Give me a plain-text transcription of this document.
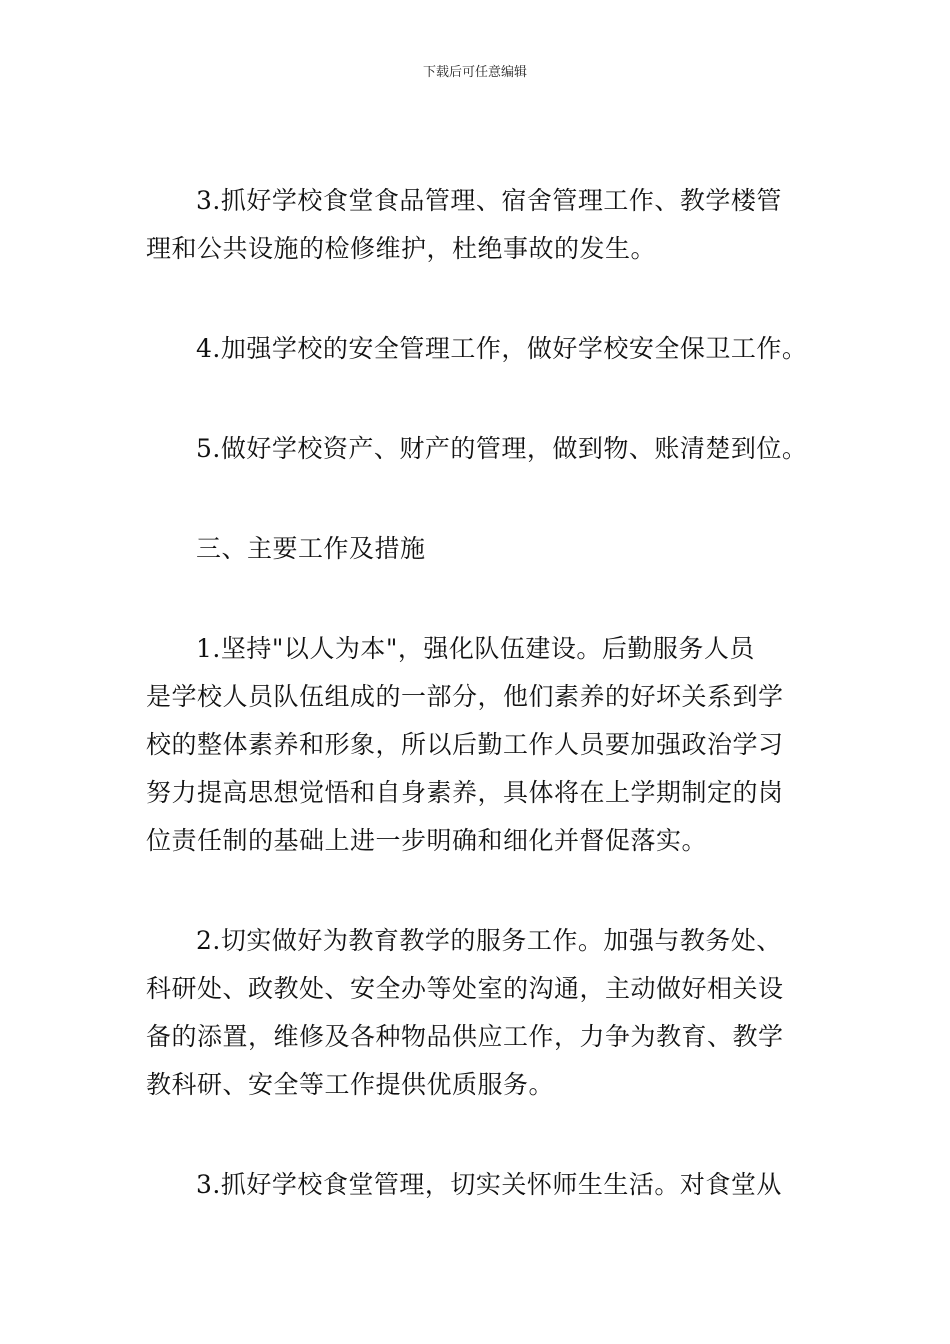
下载后可任意编辑

3.抓好学校食堂食品管理、宿舍管理工作、教学楼管
理和公共设施的检修维护，杜绝事故的发生。

4.加强学校的安全管理工作，做好学校安全保卫工作。

5.做好学校资产、财产的管理，做到物、账清楚到位。

三、主要工作及措施

1.坚持"以人为本"，强化队伍建设。后勤服务人员
是学校人员队伍组成的一部分，他们素养的好坏关系到学
校的整体素养和形象，所以后勤工作人员要加强政治学习
努力提高思想觉悟和自身素养，具体将在上学期制定的岗
位责任制的基础上进一步明确和细化并督促落实。

2.切实做好为教育教学的服务工作。加强与教务处、
科研处、政教处、安全办等处室的沟通，主动做好相关设
备的添置，维修及各种物品供应工作，力争为教育、教学
教科研、安全等工作提供优质服务。

3.抓好学校食堂管理，切实关怀师生生活。对食堂从
